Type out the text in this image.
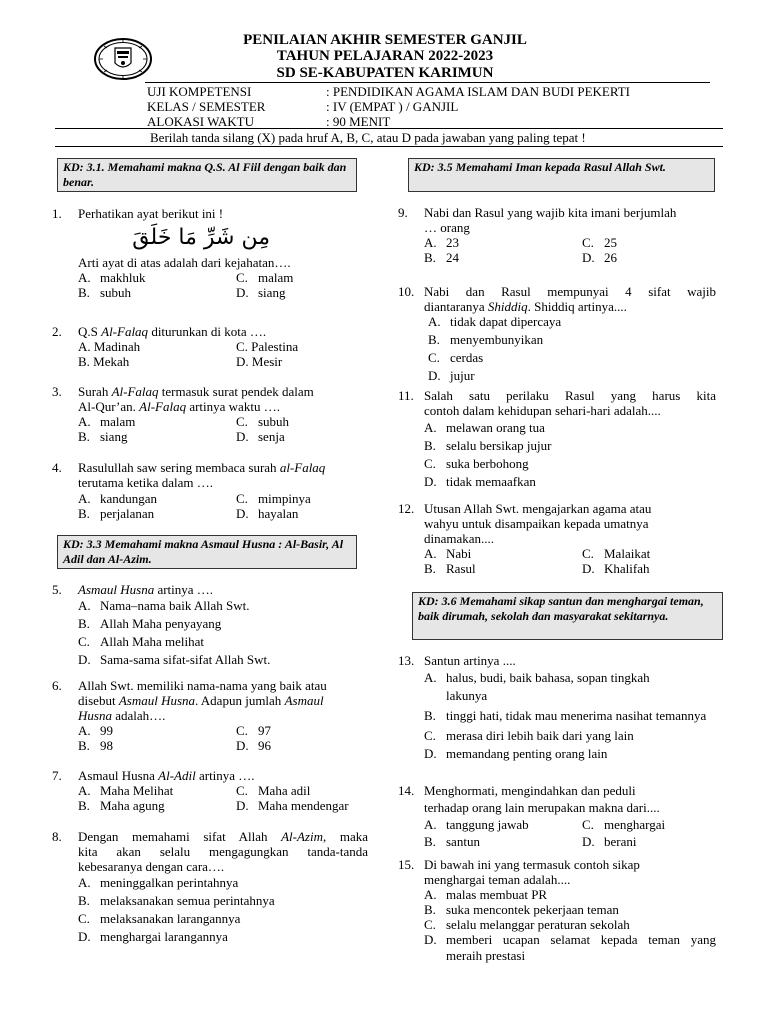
PENILAIAN AKHIR SEMESTER GANJIL
TAHUN PELAJARAN 2022-2023
SD SE-KABUPATEN KARIMUN
UJI KOMPETENSI	: PENDIDIKAN AGAMA ISLAM DAN BUDI PEKERTI
KELAS / SEMESTER	: IV (EMPAT ) / GANJIL
ALOKASI WAKTU	: 90 MENIT
Berilah tanda silang (X) pada hruf A, B, C, atau D pada jawaban yang paling tepat !
KD: 3.1. Memahami makna Q.S. Al Fiil dengan baik dan benar.
KD: 3.5 Memahami Iman kepada Rasul Allah Swt.
KD: 3.3 Memahami makna Asmaul Husna : Al-Basir, Al Adil dan Al-Azim.
KD: 3.6 Memahami sikap santun dan menghargai teman, baik dirumah, sekolah dan masyarakat sekitarnya.
1. Perhatikan ayat berikut ini !
مِن شَرِّ مَا خَلَقَ
Arti ayat di atas adalah dari kejahatan….
A. makhluk	C. malam
B. subuh	D. siang
2. Q.S Al-Falaq diturunkan di kota ….
A. Madinah	C. Palestina
B. Mekah	D. Mesir
3. Surah Al-Falaq termasuk surat pendek dalam
Al-Qur’an. Al-Falaq artinya waktu ….
A. malam	C. subuh
B. siang	D. senja
4. Rasulullah saw sering membaca surah al-Falaq
terutama ketika dalam ….
A. kandungan	C. mimpinya
B. perjalanan	D. hayalan
5. Asmaul Husna artinya ….
A. Nama–nama baik Allah Swt.
B. Allah Maha penyayang
C. Allah Maha melihat
D. Sama-sama sifat-sifat Allah Swt.
6. Allah Swt. memiliki nama-nama yang baik atau
disebut Asmaul Husna. Adapun jumlah Asmaul
Husna adalah….
A. 99	C. 97
B. 98	D. 96
7. Asmaul Husna Al-Adil artinya ….
A. Maha Melihat	C. Maha adil
B. Maha agung	D. Maha mendengar
8. Dengan memahami sifat Allah Al-Azim, maka
kita akan selalu mengagungkan tanda-tanda
kebesaranya dengan cara….
A. meninggalkan perintahnya
B. melaksanakan semua perintahnya
C. melaksanakan larangannya
D. menghargai larangannya
9. Nabi dan Rasul yang wajib kita imani berjumlah
… orang
A. 23	C. 25
B. 24	D. 26
10. Nabi dan Rasul mempunyai 4 sifat wajib
diantaranya Shiddiq. Shiddiq artinya....
A. tidak dapat dipercaya
B. menyembunyikan
C. cerdas
D. jujur
11. Salah satu perilaku Rasul yang harus kita
contoh dalam kehidupan sehari-hari adalah....
A. melawan orang tua
B. selalu bersikap jujur
C. suka berbohong
D. tidak memaafkan
12. Utusan Allah Swt. mengajarkan agama atau
wahyu untuk disampaikan kepada umatnya
dinamakan....
A. Nabi	C. Malaikat
B. Rasul	D. Khalifah
13. Santun artinya ....
A. halus, budi, baik bahasa, sopan tingkah lakunya
B. tinggi hati, tidak mau menerima nasihat temannya
C. merasa diri lebih baik dari yang lain
D. memandang penting orang lain
14. Menghormati, mengindahkan dan peduli
terhadap orang lain merupakan makna dari....
A. tanggung jawab	C. menghargai
B. santun	D. berani
15. Di bawah ini yang termasuk contoh sikap
menghargai teman adalah....
A. malas membuat PR
B. suka mencontek pekerjaan teman
C. selalu melanggar peraturan sekolah
D. memberi ucapan selamat kepada teman yang meraih prestasi
